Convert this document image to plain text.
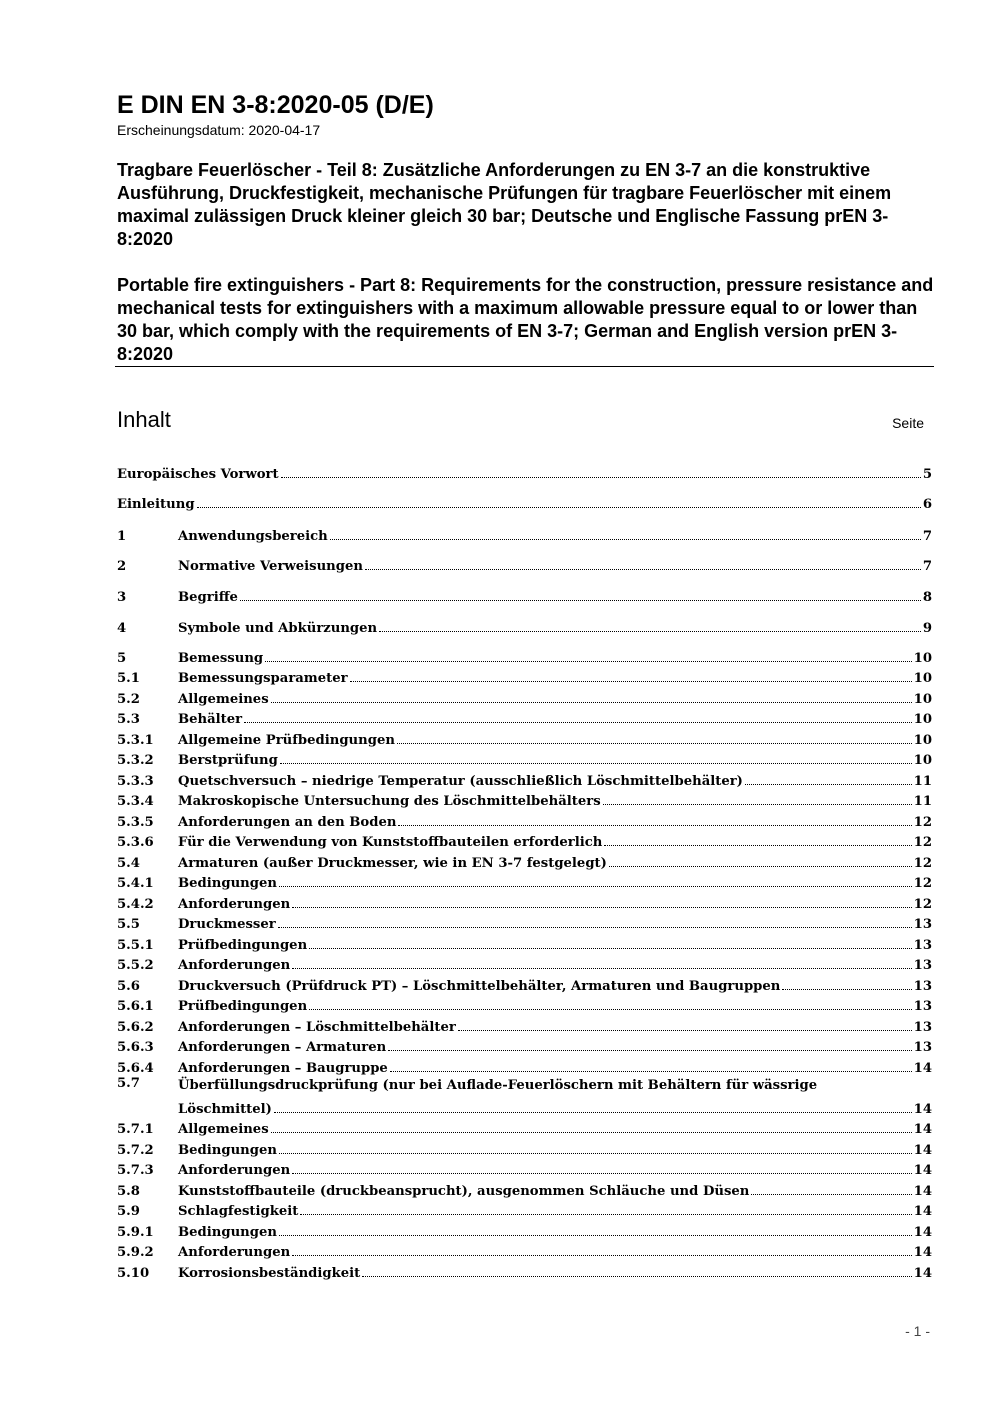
E DIN EN 3-8:2020-05 (D/E)
Erscheinungsdatum: 2020-04-17

Tragbare Feuerlöscher - Teil 8: Zusätzliche Anforderungen zu EN 3-7 an die konstruktive Ausführung, Druckfestigkeit, mechanische Prüfungen für tragbare Feuerlöscher mit einem maximal zulässigen Druck kleiner gleich 30 bar; Deutsche und Englische Fassung prEN 3-8:2020

Portable fire extinguishers - Part 8: Requirements for the construction, pressure resistance and mechanical tests for extinguishers with a maximum allowable pressure equal to or lower than 30 bar, which comply with the requirements of EN 3-7; German and English version prEN 3-8:2020

Inhalt	Seite
Europäisches Vorwort	5
Einleitung	6
1	Anwendungsbereich	7
2	Normative Verweisungen	7
3	Begriffe	8
4	Symbole und Abkürzungen	9
5	Bemessung	10
5.1	Bemessungsparameter	10
5.2	Allgemeines	10
5.3	Behälter	10
5.3.1	Allgemeine Prüfbedingungen	10
5.3.2	Berstprüfung	10
5.3.3	Quetschversuch – niedrige Temperatur (ausschließlich Löschmittelbehälter)	11
5.3.4	Makroskopische Untersuchung des Löschmittelbehälters	11
5.3.5	Anforderungen an den Boden	12
5.3.6	Für die Verwendung von Kunststoffbauteilen erforderlich	12
5.4	Armaturen (außer Druckmesser, wie in EN 3-7 festgelegt)	12
5.4.1	Bedingungen	12
5.4.2	Anforderungen	12
5.5	Druckmesser	13
5.5.1	Prüfbedingungen	13
5.5.2	Anforderungen	13
5.6	Druckversuch (Prüfdruck PT) – Löschmittelbehälter, Armaturen und Baugruppen	13
5.6.1	Prüfbedingungen	13
5.6.2	Anforderungen – Löschmittelbehälter	13
5.6.3	Anforderungen – Armaturen	13
5.6.4	Anforderungen – Baugruppe	14
5.7	Überfüllungsdruckprüfung (nur bei Auflade-Feuerlöschern mit Behältern für wässrige
Löschmittel)	14
5.7.1	Allgemeines	14
5.7.2	Bedingungen	14
5.7.3	Anforderungen	14
5.8	Kunststoffbauteile (druckbeansprucht), ausgenommen Schläuche und Düsen	14
5.9	Schlagfestigkeit	14
5.9.1	Bedingungen	14
5.9.2	Anforderungen	14
5.10	Korrosionsbeständigkeit	14
- 1 -
